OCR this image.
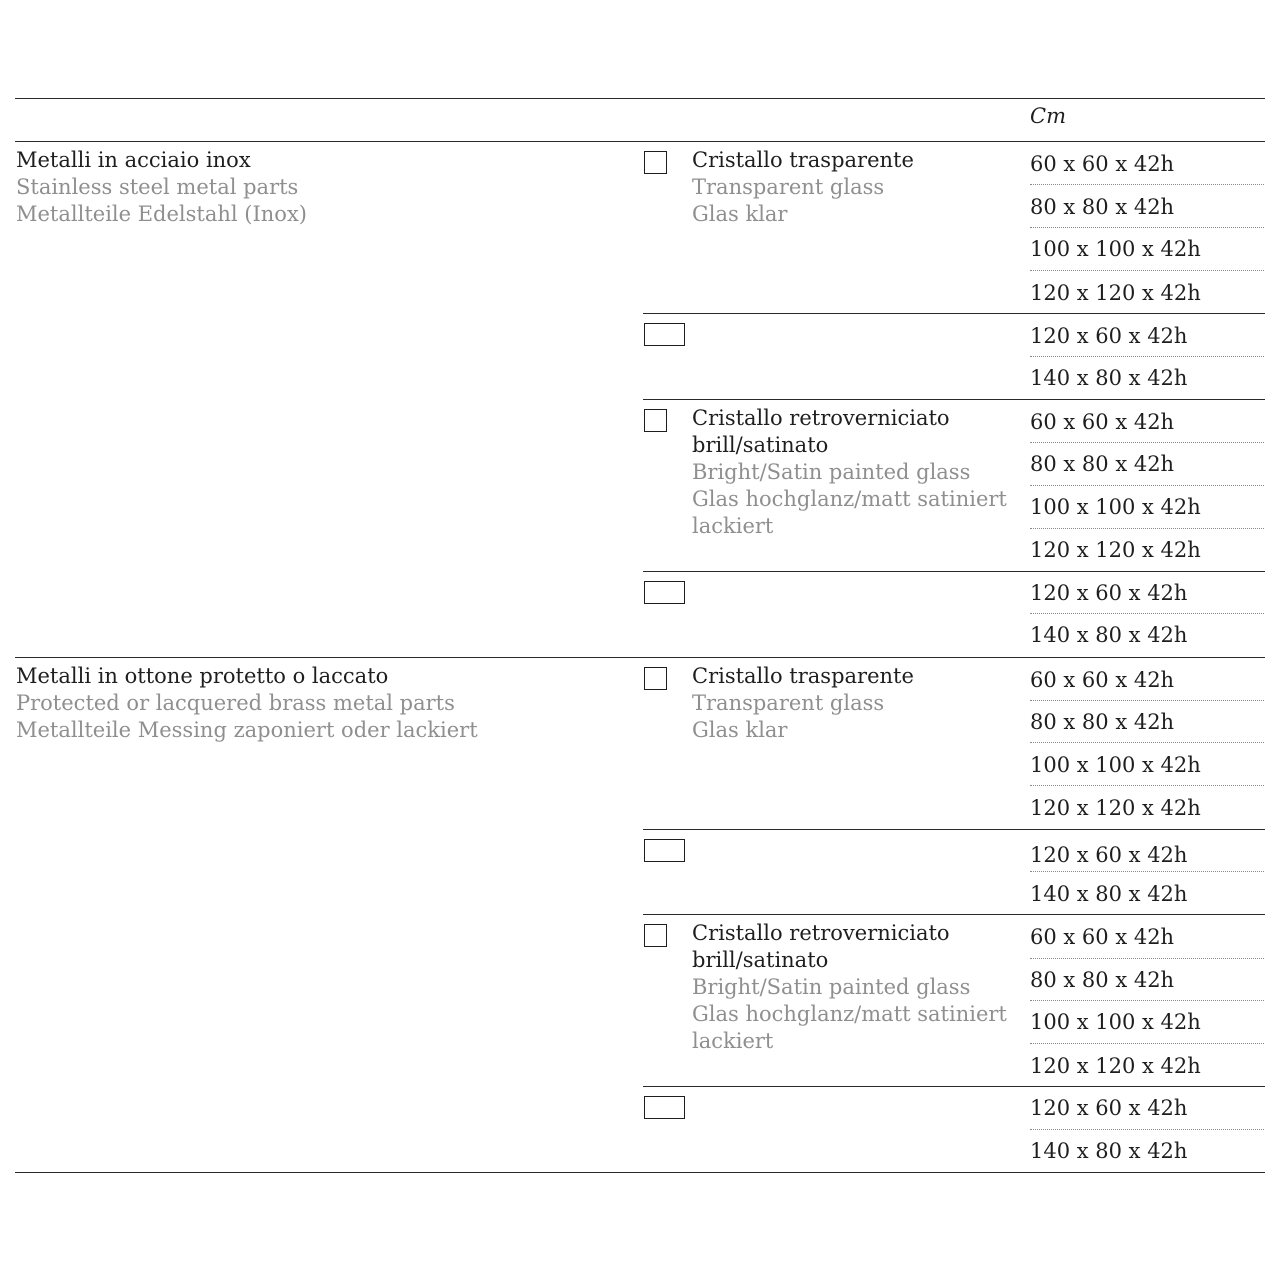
Cm
Metalli in acciaio inox
Stainless steel metal parts
Metallteile Edelstahl (Inox)
Cristallo trasparente
Transparent glass
Glas klar
60 x 60 x 42h
80 x 80 x 42h
100 x 100 x 42h
120 x 120 x 42h
120 x 60 x 42h
140 x 80 x 42h
Cristallo retroverniciato
brill/satinato
Bright/Satin painted glass
Glas hochglanz/matt satiniert
lackiert
60 x 60 x 42h
80 x 80 x 42h
100 x 100 x 42h
120 x 120 x 42h
120 x 60 x 42h
140 x 80 x 42h
Metalli in ottone protetto o laccato
Protected or lacquered brass metal parts
Metallteile Messing zaponiert oder lackiert
Cristallo trasparente
Transparent glass
Glas klar
60 x 60 x 42h
80 x 80 x 42h
100 x 100 x 42h
120 x 120 x 42h
120 x 60 x 42h
140 x 80 x 42h
Cristallo retroverniciato
brill/satinato
Bright/Satin painted glass
Glas hochglanz/matt satiniert
lackiert
60 x 60 x 42h
80 x 80 x 42h
100 x 100 x 42h
120 x 120 x 42h
120 x 60 x 42h
140 x 80 x 42h
